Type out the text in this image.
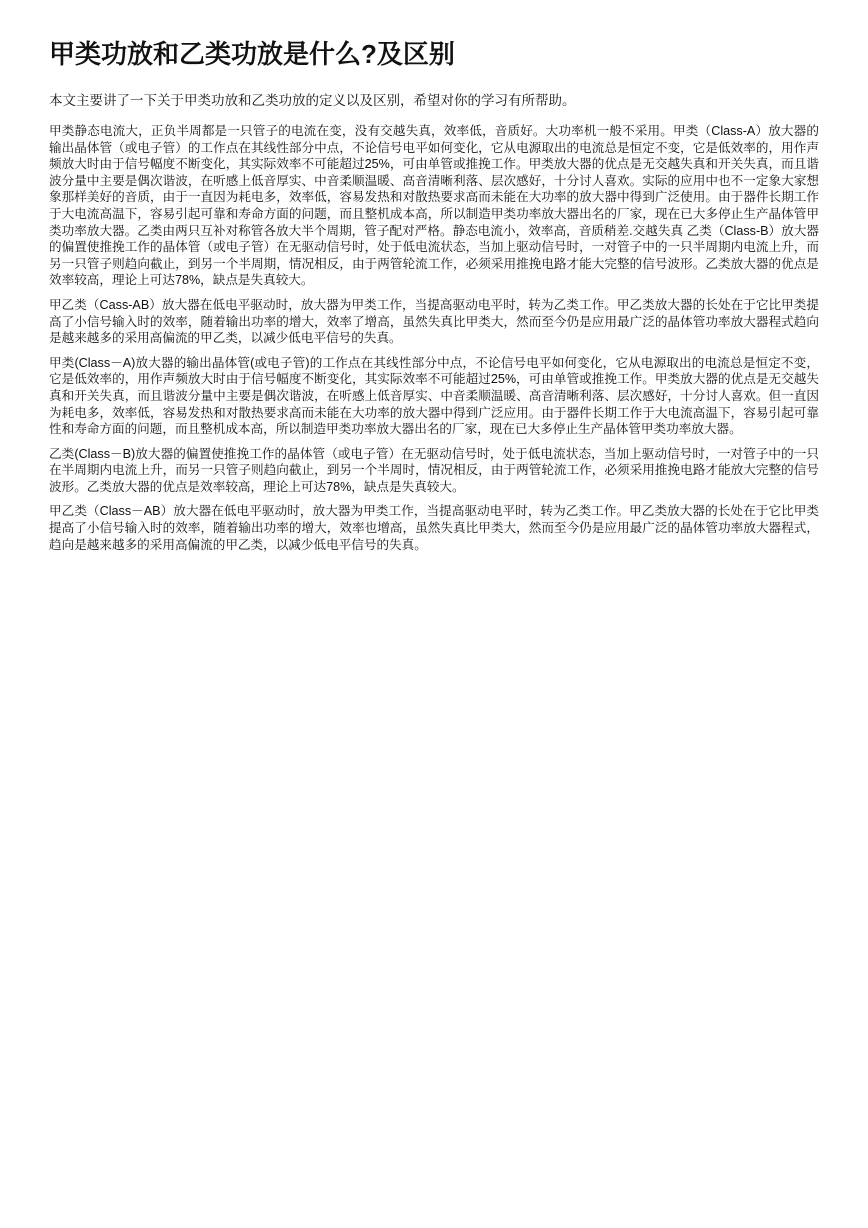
甲类功放和乙类功放是什么?及区别

本文主要讲了一下关于甲类功放和乙类功放的定义以及区别，希望对你的学习有所帮助。

甲类静态电流大，正负半周都是一只管子的电流在变，没有交越失真，效率低，音质好。大功率机一般不采用。甲类（Class-A）放大器的输出晶体管（或电子管）的工作点在其线性部分中点，不论信号电平如何变化，它从电源取出的电流总是恒定不变，它是低效率的，用作声频放大时由于信号幅度不断变化，其实际效率不可能超过25%，可由单管或推挽工作。甲类放大器的优点是无交越失真和开关失真，而且谐波分量中主要是偶次谐波，在听感上低音厚实、中音柔顺温暖、高音清晰利落、层次感好，十分讨人喜欢。实际的应用中也不一定象大家想象那样美好的音质，由于一直因为耗电多，效率低，容易发热和对散热要求高而未能在大功率的放大器中得到广泛使用。由于器件长期工作于大电流高温下，容易引起可靠和寿命方面的问题，而且整机成本高，所以制造甲类功率放大器出名的厂家，现在已大多停止生产晶体管甲类功率放大器。乙类由两只互补对称管各放大半个周期，管子配对严格。静态电流小，效率高，音质稍差.交越失真 乙类（Class-B）放大器的偏置使推挽工作的晶体管（或电子管）在无驱动信号时，处于低电流状态，当加上驱动信号时，一对管子中的一只半周期内电流上升，而另一只管子则趋向截止，到另一个半周期，情况相反，由于两管轮流工作，必须采用推挽电路才能大完整的信号波形。乙类放大器的优点是效率较高，理论上可达78%，缺点是失真较大。

甲乙类（Cass-AB）放大器在低电平驱动时，放大器为甲类工作，当提高驱动电平时，转为乙类工作。甲乙类放大器的长处在于它比甲类提高了小信号输入时的效率，随着输出功率的增大，效率了增高，虽然失真比甲类大，然而至今仍是应用最广泛的晶体管功率放大器程式趋向是越来越多的采用高偏流的甲乙类，以减少低电平信号的失真。

甲类(Class－A)放大器的输出晶体管(或电子管)的工作点在其线性部分中点，不论信号电平如何变化，它从电源取出的电流总是恒定不变，它是低效率的，用作声频放大时由于信号幅度不断变化，其实际效率不可能超过25%，可由单管或推挽工作。甲类放大器的优点是无交越失真和开关失真，而且谐波分量中主要是偶次谐波，在听感上低音厚实、中音柔顺温暖、高音清晰利落、层次感好，十分讨人喜欢。但一直因为耗电多，效率低，容易发热和对散热要求高而未能在大功率的放大器中得到广泛应用。由于器件长期工作于大电流高温下，容易引起可靠性和寿命方面的问题，而且整机成本高，所以制造甲类功率放大器出名的厂家，现在已大多停止生产晶体管甲类功率放大器。

乙类(Class－B)放大器的偏置使推挽工作的晶体管（或电子管）在无驱动信号时，处于低电流状态，当加上驱动信号时，一对管子中的一只在半周期内电流上升，而另一只管子则趋向截止，到另一个半周时，情况相反，由于两管轮流工作，必须采用推挽电路才能放大完整的信号波形。乙类放大器的优点是效率较高，理论上可达78%，缺点是失真较大。

甲乙类（Class－AB）放大器在低电平驱动时，放大器为甲类工作，当提高驱动电平时，转为乙类工作。甲乙类放大器的长处在于它比甲类提高了小信号输入时的效率，随着输出功率的增大，效率也增高，虽然失真比甲类大，然而至今仍是应用最广泛的晶体管功率放大器程式，趋向是越来越多的采用高偏流的甲乙类，以减少低电平信号的失真。
